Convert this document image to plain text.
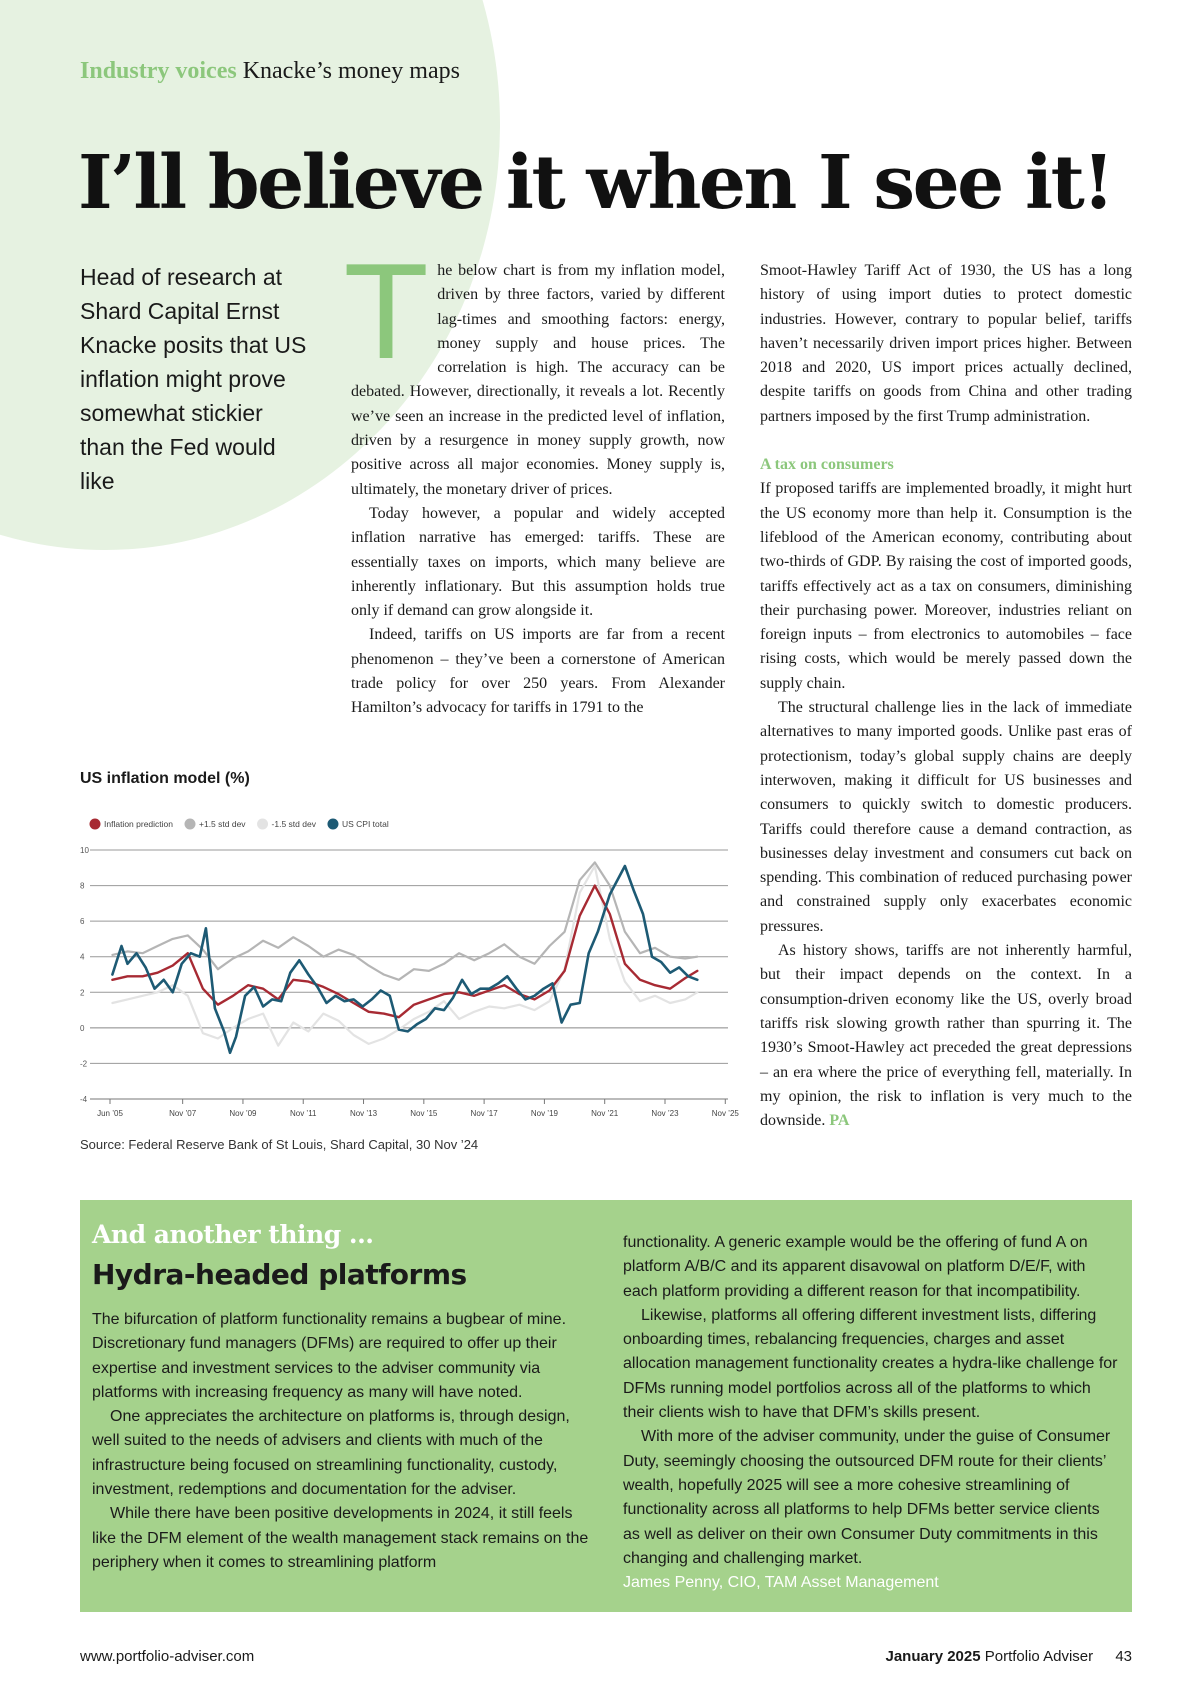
Industry voices Knacke’s money maps
I’ll believe it when I see it!
Head of research at Shard Capital Ernst Knacke posits that US inflation might prove somewhat stickier than the Fed would like
T he below chart is from my inflation model, driven by three factors, varied by different lag-times and smoothing factors: energy, money supply and house prices. The correlation is high. The accuracy can be debated. However, directionally, it reveals a lot. Recently we’ve seen an increase in the predicted level of inflation, driven by a resurgence in money supply growth, now positive across all major economies. Money supply is, ultimately, the monetary driver of prices.

Today however, a popular and widely accepted inflation narrative has emerged: tariffs. These are essentially taxes on imports, which many believe are inherently inflationary. But this assumption holds true only if demand can grow alongside it.

Indeed, tariffs on US imports are far from a recent phenomenon – they’ve been a cornerstone of American trade policy for over 250 years. From Alexander Hamilton’s advocacy for tariffs in 1791 to the

Smoot-Hawley Tariff Act of 1930, the US has a long history of using import duties to protect domestic industries. However, contrary to popular belief, tariffs haven’t necessarily driven import prices higher. Between 2018 and 2020, US import prices actually declined, despite tariffs on goods from China and other trading partners imposed by the first Trump administration.

A tax on consumers

If proposed tariffs are implemented broadly, it might hurt the US economy more than help it. Consumption is the lifeblood of the American economy, contributing about two-thirds of GDP. By raising the cost of imported goods, tariffs effectively act as a tax on consumers, diminishing their purchasing power. Moreover, industries reliant on foreign inputs – from electronics to automobiles – face rising costs, which would be merely passed down the supply chain.

The structural challenge lies in the lack of immediate alternatives to many imported goods. Unlike past eras of protectionism, today’s global supply chains are deeply interwoven, making it difficult for US businesses and consumers to quickly switch to domestic producers. Tariffs could therefore cause a demand contraction, as businesses delay investment and consumers cut back on spending. This combination of reduced purchasing power and constrained supply only exacerbates economic pressures.

As history shows, tariffs are not inherently harmful, but their impact depends on the context. In a consumption-driven economy like the US, overly broad tariffs risk slowing growth rather than spurring it. The 1930’s Smoot-Hawley act preceded the great depressions – an era where the price of everything fell, materially. In my opinion, the risk to inflation is very much to the downside. PA

US inflation model (%)
Inflation prediction	+1.5 std dev	-1.5 std dev	US CPI total
10
8
6
4
2
0
-2
-4
Jun ’05	Nov ’07	Nov ’09	Nov ’11	Nov ’13	Nov ’15	Nov ’17	Nov ’19	Nov ’21	Nov ’23	Nov ’25
Source: Federal Reserve Bank of St Louis, Shard Capital, 30 Nov ’24
And another thing ...
Hydra-headed platforms

The bifurcation of platform functionality remains a bugbear of mine. Discretionary fund managers (DFMs) are required to offer up their expertise and investment services to the adviser community via platforms with increasing frequency as many will have noted.

One appreciates the architecture on platforms is, through design, well suited to the needs of advisers and clients with much of the infrastructure being focused on streamlining functionality, custody, investment, redemptions and documentation for the adviser.

While there have been positive developments in 2024, it still feels like the DFM element of the wealth management stack remains on the periphery when it comes to streamlining platform

functionality. A generic example would be the offering of fund A on platform A/B/C and its apparent disavowal on platform D/E/F, with each platform providing a different reason for that incompatibility.

Likewise, platforms all offering different investment lists, differing onboarding times, rebalancing frequencies, charges and asset allocation management functionality creates a hydra-like challenge for DFMs running model portfolios across all of the platforms to which their clients wish to have that DFM’s skills present.

With more of the adviser community, under the guise of Consumer Duty, seemingly choosing the outsourced DFM route for their clients’ wealth, hopefully 2025 will see a more cohesive streamlining of functionality across all platforms to help DFMs better service clients as well as deliver on their own Consumer Duty commitments in this changing and challenging market.

James Penny, CIO, TAM Asset Management

www.portfolio-adviser.com	January 2025 Portfolio Adviser 43
